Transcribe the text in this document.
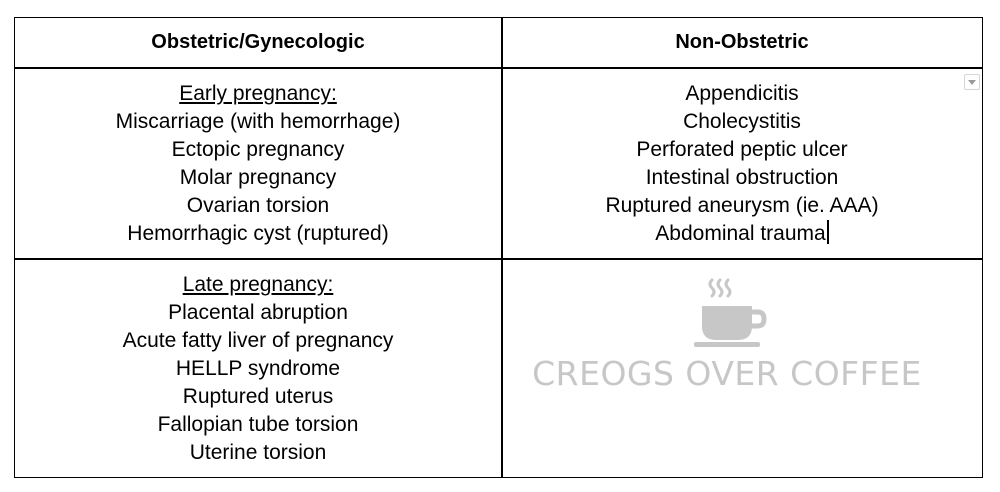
Obstetric/Gynecologic	Non-Obstetric
Early pregnancy:
Miscarriage (with hemorrhage)
Ectopic pregnancy
Molar pregnancy
Ovarian torsion
Hemorrhagic cyst (ruptured)
Appendicitis
Cholecystitis
Perforated peptic ulcer
Intestinal obstruction
Ruptured aneurysm (ie. AAA)
Abdominal trauma
Late pregnancy:
Placental abruption
Acute fatty liver of pregnancy
HELLP syndrome
Ruptured uterus
Fallopian tube torsion
Uterine torsion
CREOGS OVER COFFEE
